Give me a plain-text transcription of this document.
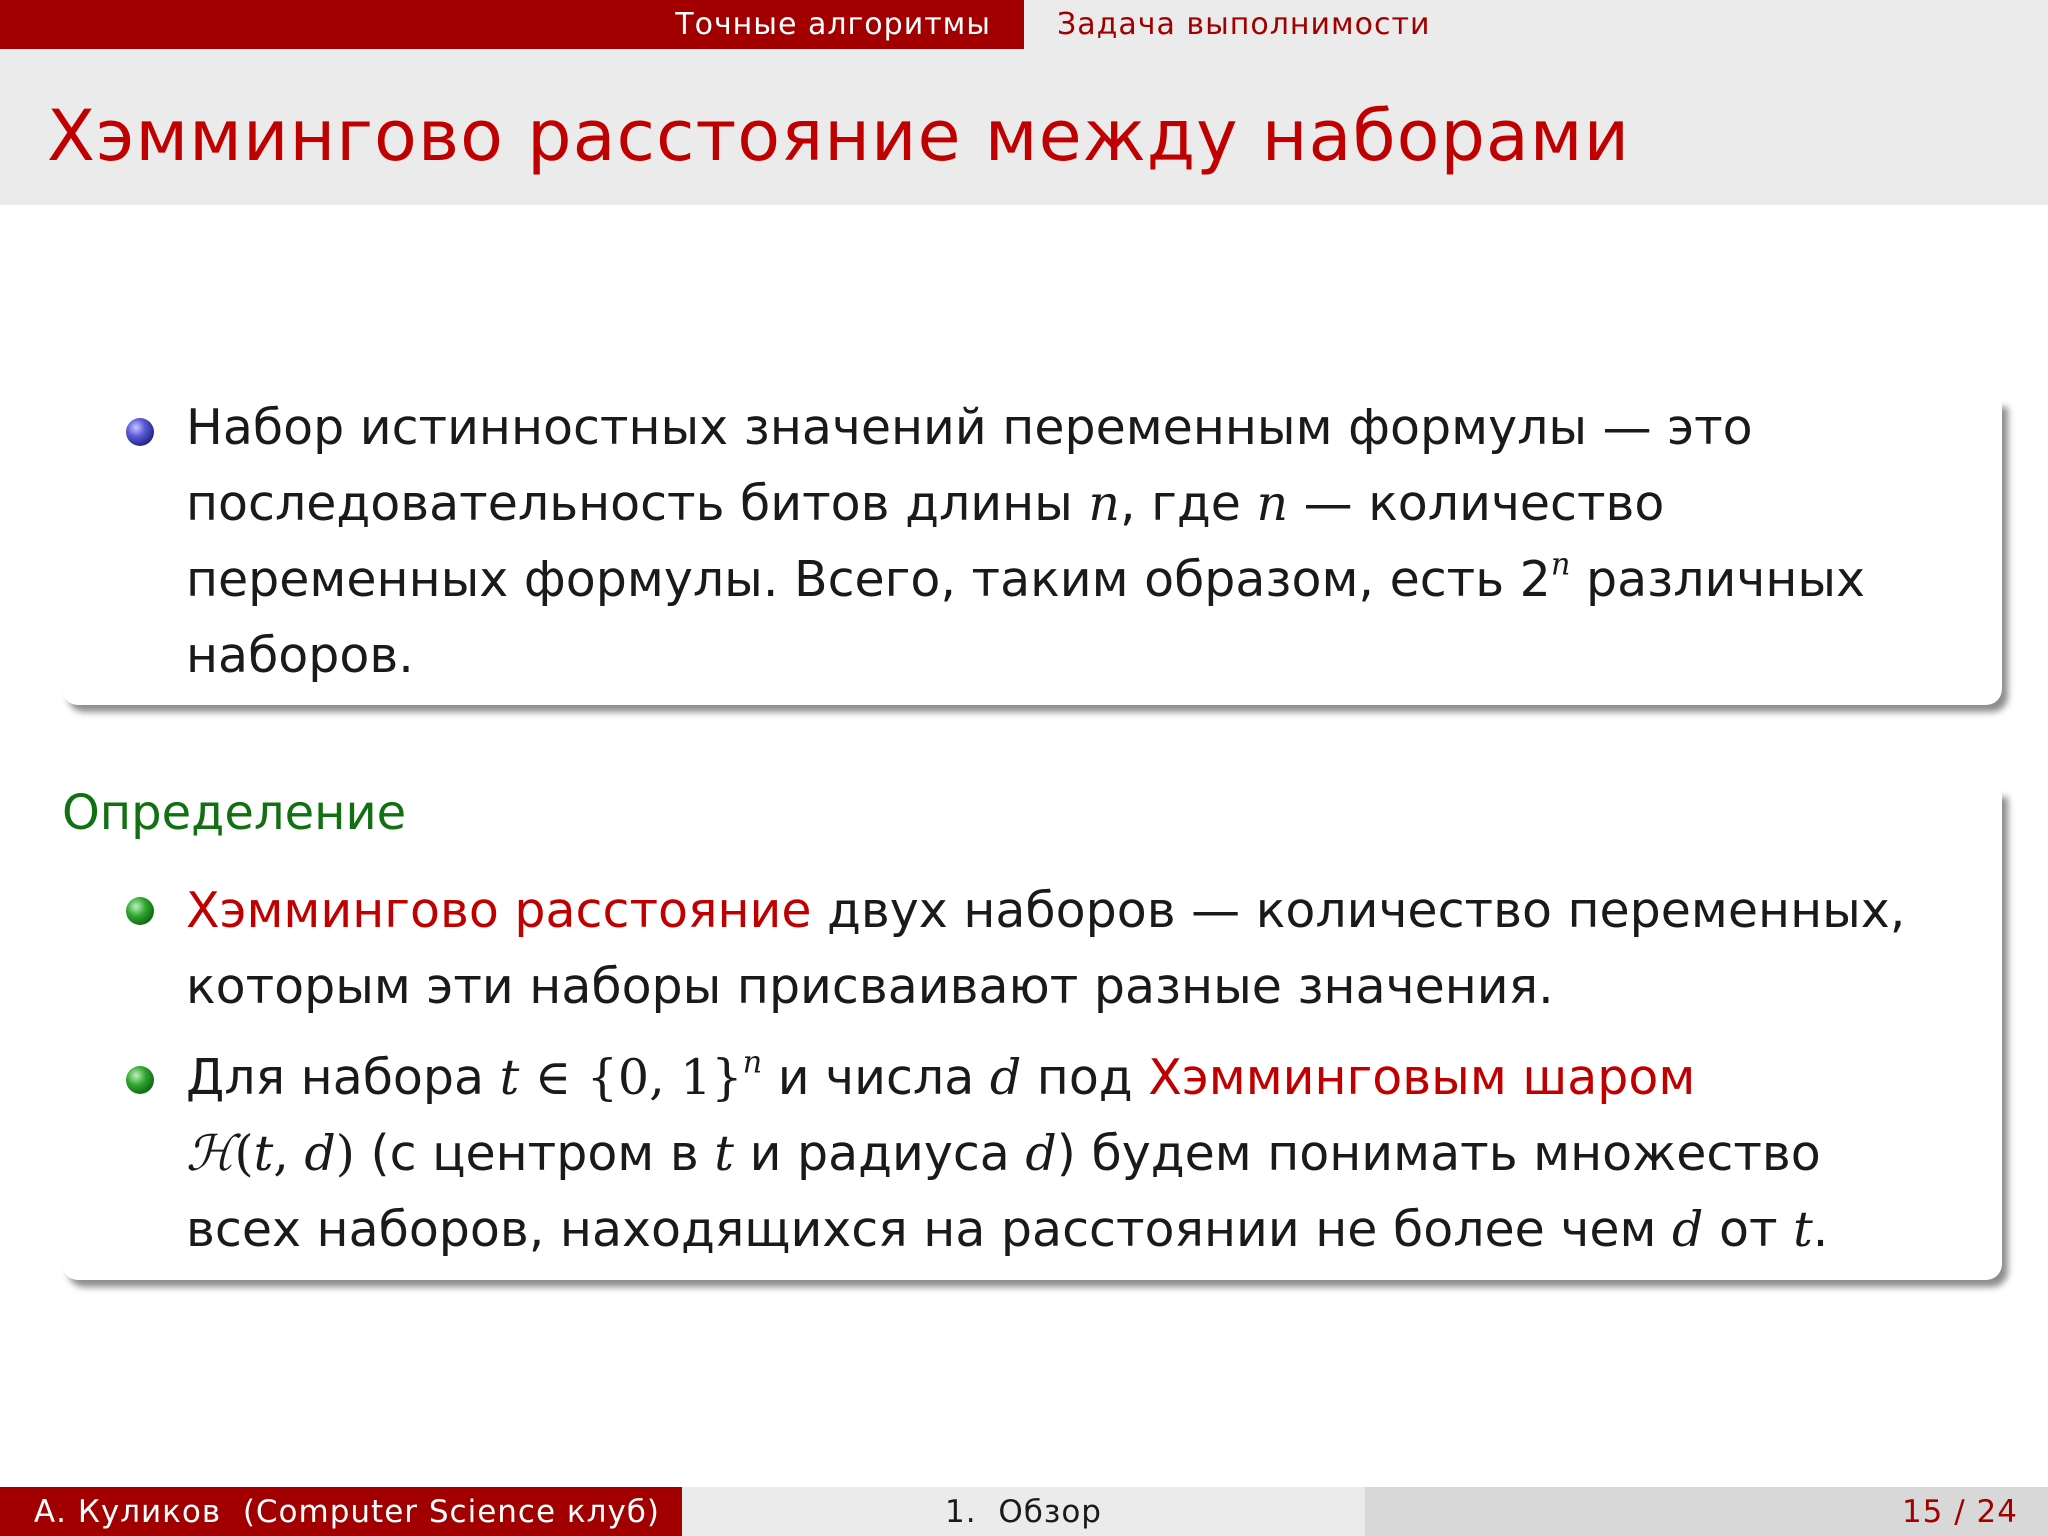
Точные алгоритмы Задача выполнимости
Хэммингово расстояние между наборами
Набор истинностных значений переменным формулы — это
последовательность битов длины n, где n — количество
переменных формулы. Всего, таким образом, есть 2$^n$ различных
наборов.
Определение
Хэммингово расстояние двух наборов — количество переменных,
которым эти наборы присваивают разные значения.
Для набора t ∈ {0, 1}$^n$ и числа d под Хэмминговым шаром
ℋ(t, d) (с центром в t и радиуса d) будем понимать множество
всех наборов, находящихся на расстоянии не более чем d от t.
А. Куликов  (Computer Science клуб)	1.  Обзор	15 / 24
